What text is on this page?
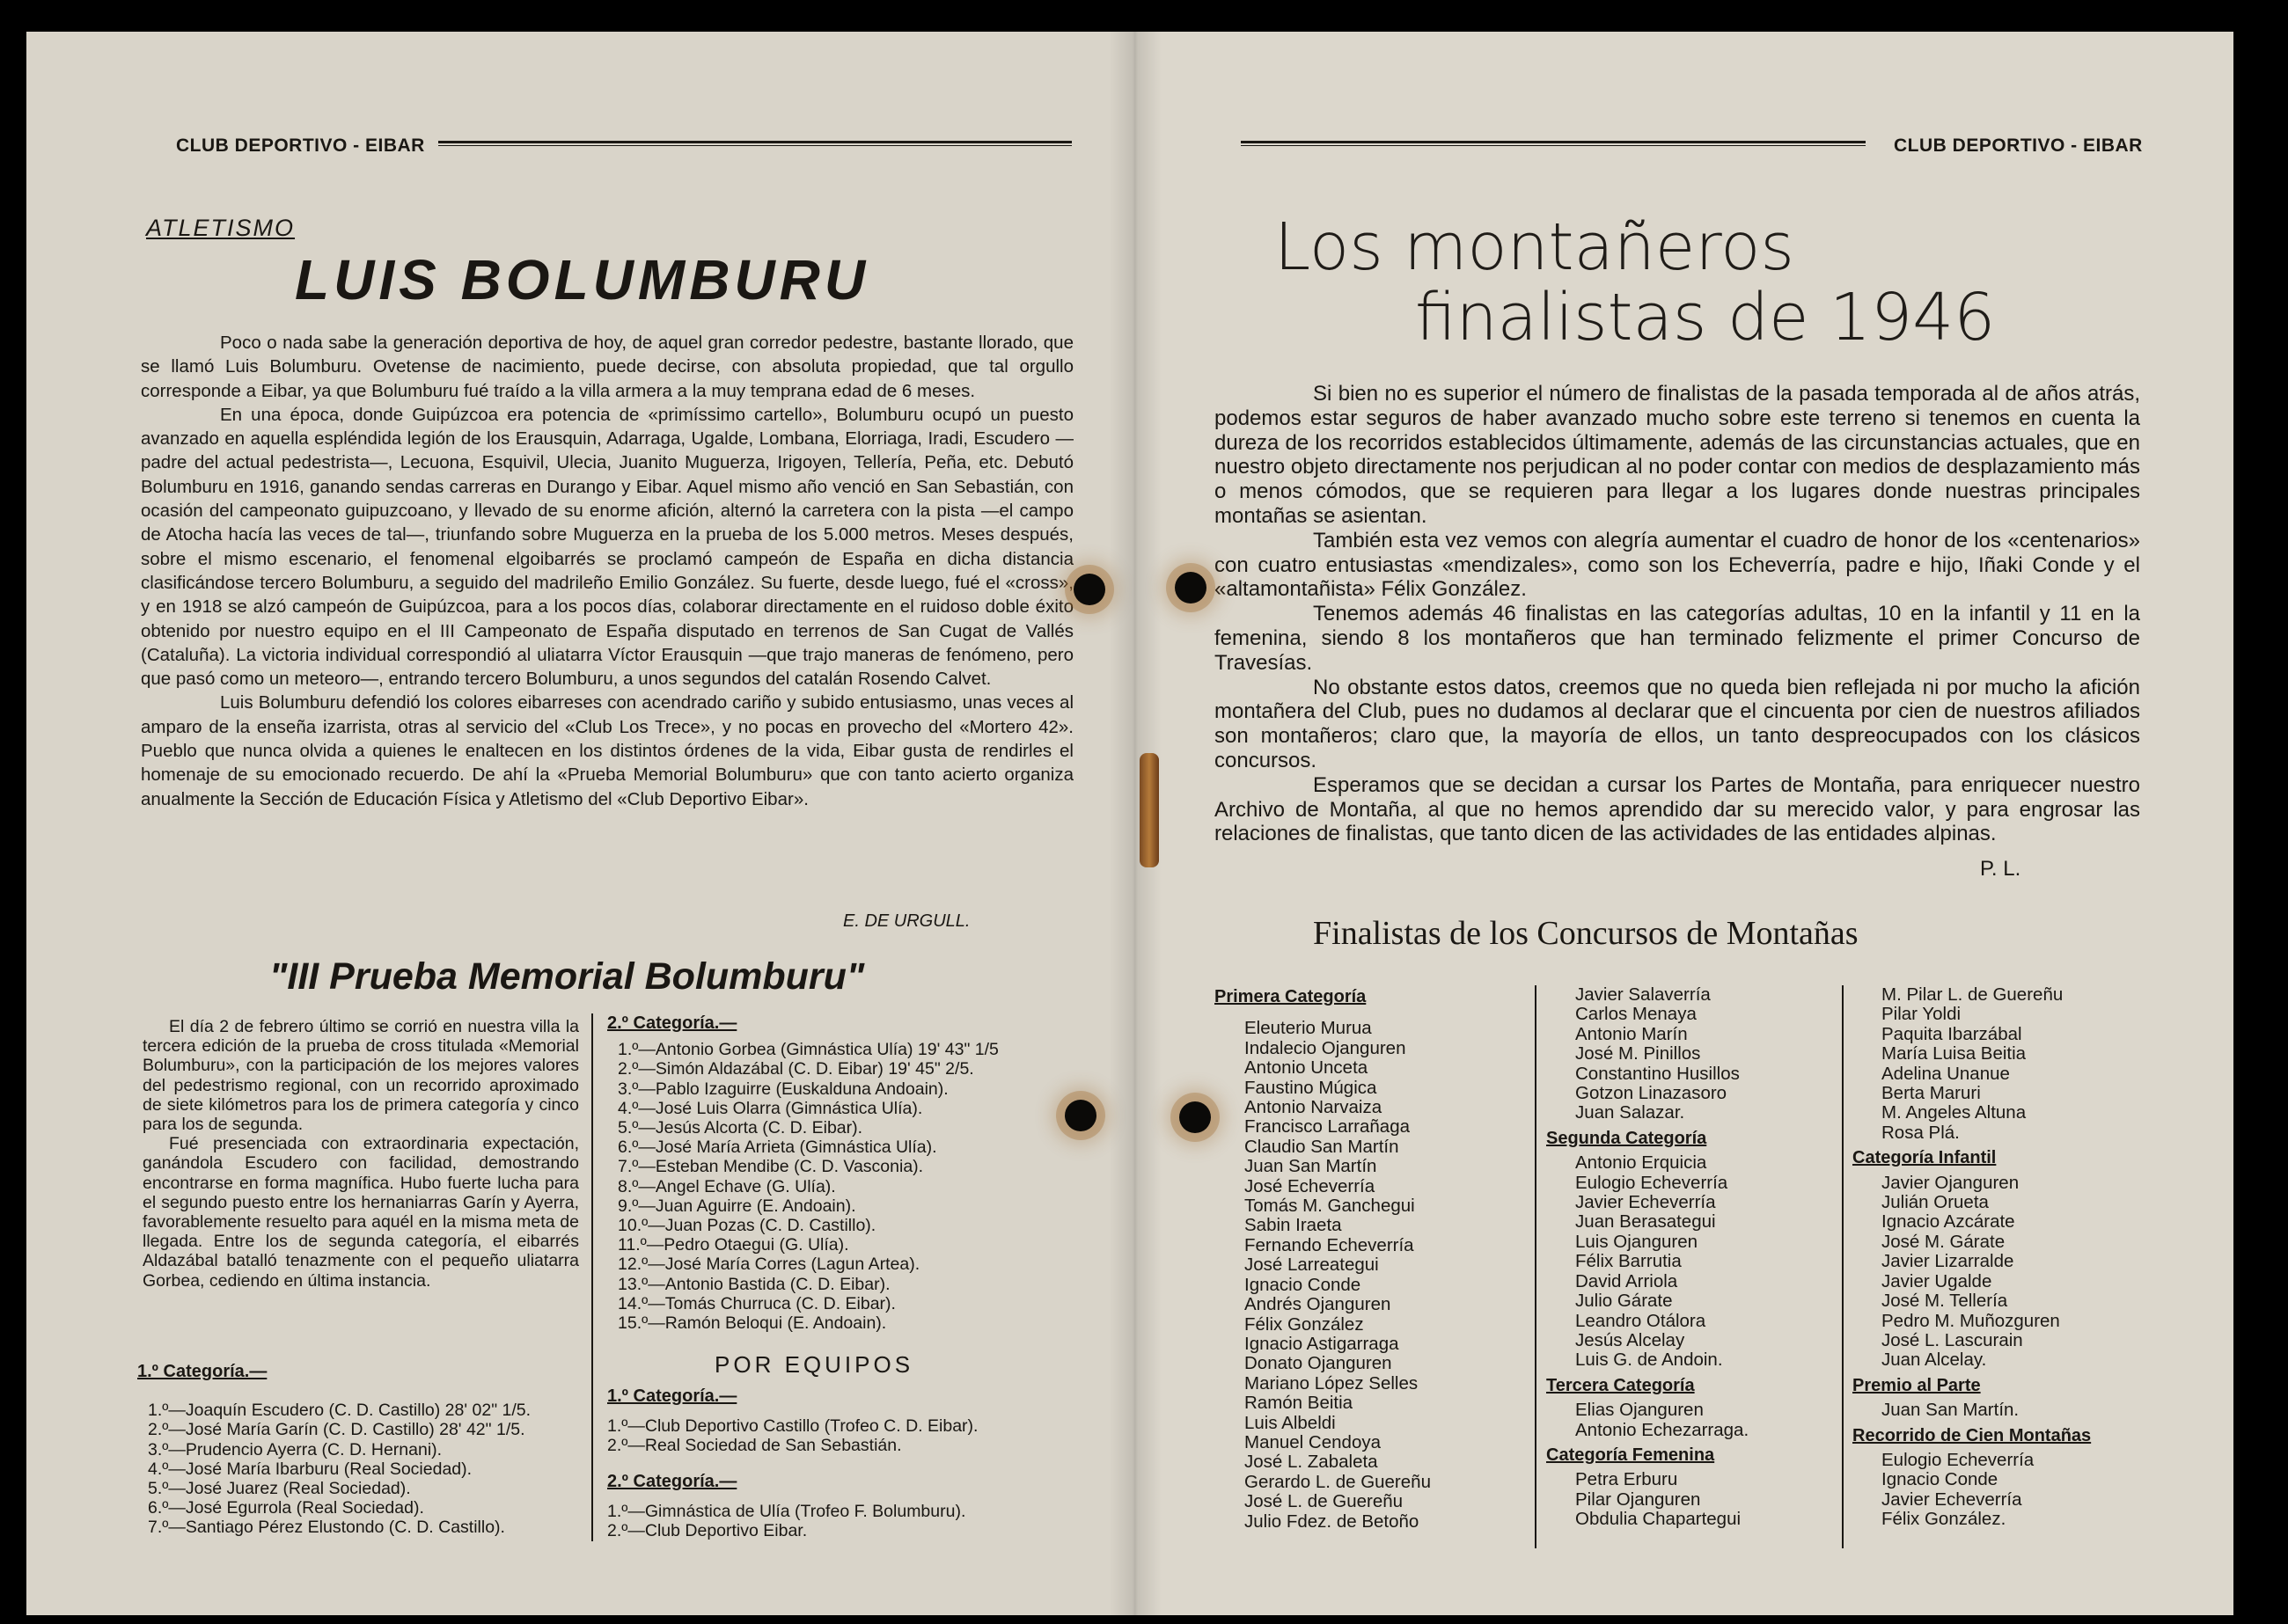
CLUB DEPORTIVO - EIBAR
ATLETISMO
LUIS BOLUMBURU

Poco o nada sabe la generación deportiva de hoy, de aquel gran corredor pedestre, bastante llorado, que se llamó Luis Bolumburu. Ovetense de nacimiento, puede decirse, con absoluta propiedad, que tal orgullo corresponde a Eibar, ya que Bolumburu fué traído a la villa armera a la muy temprana edad de 6 meses.

En una época, donde Guipúzcoa era potencia de «primíssimo cartello», Bolumburu ocupó un puesto avanzado en aquella espléndida legión de los Erausquin, Adarraga, Ugalde, Lombana, Elorriaga, Iradi, Escudero —padre del actual pedestrista—, Lecuona, Esquivil, Ulecia, Juanito Muguerza, Irigoyen, Tellería, Peña, etc. Debutó Bolumburu en 1916, ganando sendas carreras en Durango y Eibar. Aquel mismo año venció en San Sebastián, con ocasión del campeonato guipuzcoano, y llevado de su enorme afición, alternó la carretera con la pista —el campo de Atocha hacía las veces de tal—, triunfando sobre Muguerza en la prueba de los 5.000 metros. Meses después, sobre el mismo escenario, el fenomenal elgoibarrés se proclamó campeón de España en dicha distancia clasificándose tercero Bolumburu, a seguido del madrileño Emilio González. Su fuerte, desde luego, fué el «cross», y en 1918 se alzó campeón de Guipúzcoa, para a los pocos días, colaborar directamente en el ruidoso doble éxito obtenido por nuestro equipo en el III Campeonato de España disputado en terrenos de San Cugat de Vallés (Cataluña). La victoria individual correspondió al uliatarra Víctor Erausquin —que trajo maneras de fenómeno, pero que pasó como un meteoro—, entrando tercero Bolumburu, a unos segundos del catalán Rosendo Calvet.

Luis Bolumburu defendió los colores eibarreses con acendrado cariño y subido entusiasmo, unas veces al amparo de la enseña izarrista, otras al servicio del «Club Los Trece», y no pocas en provecho del «Mortero 42». Pueblo que nunca olvida a quienes le enaltecen en los distintos órdenes de la vida, Eibar gusta de rendirles el homenaje de su emocionado recuerdo. De ahí la «Prueba Memorial Bolumburu» que con tanto acierto organiza anualmente la Sección de Educación Física y Atletismo del «Club Deportivo Eibar».

E. DE URGULL.
"III Prueba Memorial Bolumburu"

El día 2 de febrero último se corrió en nuestra villa la tercera edición de la prueba de cross titulada «Memorial Bolumburu», con la participación de los mejores valores del pedestrismo regional, con un recorrido aproximado de siete kilómetros para los de primera categoría y cinco para los de segunda.

Fué presenciada con extraordinaria expectación, ganándola Escudero con facilidad, demostrando encontrarse en forma magnífica. Hubo fuerte lucha para el segundo puesto entre los hernaniarras Garín y Ayerra, favorablemente resuelto para aquél en la misma meta de llegada. Entre los de segunda categoría, el eibarrés Aldazábal batalló tenazmente con el pequeño uliatarra Gorbea, cediendo en última instancia.

1.º Categoría.—
1.º—Joaquín Escudero (C. D. Castillo) 28' 02" 1/5.
2.º—José María Garín (C. D. Castillo) 28' 42" 1/5.
3.º—Prudencio Ayerra (C. D. Hernani).
4.º—José María Ibarburu (Real Sociedad).
5.º—José Juarez (Real Sociedad).
6.º—José Egurrola (Real Sociedad).
7.º—Santiago Pérez Elustondo (C. D. Castillo).
2.º Categoría.—
1.º—Antonio Gorbea (Gimnástica Ulía) 19' 43" 1/5
2.º—Simón Aldazábal (C. D. Eibar) 19' 45" 2/5.
3.º—Pablo Izaguirre (Euskalduna Andoain).
4.º—José Luis Olarra (Gimnástica Ulía).
5.º—Jesús Alcorta (C. D. Eibar).
6.º—José María Arrieta (Gimnástica Ulía).
7.º—Esteban Mendibe (C. D. Vasconia).
8.º—Angel Echave (G. Ulía).
9.º—Juan Aguirre (E. Andoain).
10.º—Juan Pozas (C. D. Castillo).
11.º—Pedro Otaegui (G. Ulía).
12.º—José María Corres (Lagun Artea).
13.º—Antonio Bastida (C. D. Eibar).
14.º—Tomás Churruca (C. D. Eibar).
15.º—Ramón Beloqui (E. Andoain).
POR EQUIPOS
1.º Categoría.—
1.º—Club Deportivo Castillo (Trofeo C. D. Eibar).
2.º—Real Sociedad de San Sebastián.
2.º Categoría.—
1.º—Gimnástica de Ulía (Trofeo F. Bolumburu).
2.º—Club Deportivo Eibar.
CLUB DEPORTIVO - EIBAR
Los montañeros
finalistas de 1946

Si bien no es superior el número de finalistas de la pasada temporada al de años atrás, podemos estar seguros de haber avanzado mucho sobre este terreno si tenemos en cuenta la dureza de los recorridos establecidos últimamente, además de las circunstancias actuales, que en nuestro objeto directamente nos perjudican al no poder contar con medios de desplazamiento más o menos cómodos, que se requieren para llegar a los lugares donde nuestras principales montañas se asientan.

También esta vez vemos con alegría aumentar el cuadro de honor de los «centenarios» con cuatro entusiastas «mendizales», como son los Echeverría, padre e hijo, Iñaki Conde y el «altamontañista» Félix González.

Tenemos además 46 finalistas en las categorías adultas, 10 en la infantil y 11 en la femenina, siendo 8 los montañeros que han terminado felizmente el primer Concurso de Travesías.

No obstante estos datos, creemos que no queda bien reflejada ni por mucho la afición montañera del Club, pues no dudamos al declarar que el cincuenta por cien de nuestros afiliados son montañeros; claro que, la mayoría de ellos, un tanto despreocupados con los clásicos concursos.

Esperamos que se decidan a cursar los Partes de Montaña, para enriquecer nuestro Archivo de Montaña, al que no hemos aprendido dar su merecido valor, y para engrosar las relaciones de finalistas, que tanto dicen de las actividades de las entidades alpinas.

P. L.
Finalistas de los Concursos de Montañas
Primera Categoría
Eleuterio Murua
Indalecio Ojanguren
Antonio Unceta
Faustino Múgica
Antonio Narvaiza
Francisco Larrañaga
Claudio San Martín
Juan San Martín
José Echeverría
Tomás M. Ganchegui
Sabin Iraeta
Fernando Echeverría
José Larreategui
Ignacio Conde
Andrés Ojanguren
Félix González
Ignacio Astigarraga
Donato Ojanguren
Mariano López Selles
Ramón Beitia
Luis Albeldi
Manuel Cendoya
José L. Zabaleta
Gerardo L. de Guereñu
José L. de Guereñu
Julio Fdez. de Betoño
Javier Salaverría
Carlos Menaya
Antonio Marín
José M. Pinillos
Constantino Husillos
Gotzon Linazasoro
Juan Salazar.
Segunda Categoría
Antonio Erquicia
Eulogio Echeverría
Javier Echeverría
Juan Berasategui
Luis Ojanguren
Félix Barrutia
David Arriola
Julio Gárate
Leandro Otálora
Jesús Alcelay
Luis G. de Andoin.
Tercera Categoría
Elias Ojanguren
Antonio Echezarraga.
Categoría Femenina
Petra Erburu
Pilar Ojanguren
Obdulia Chapartegui
M. Pilar L. de Guereñu
Pilar Yoldi
Paquita Ibarzábal
María Luisa Beitia
Adelina Unanue
Berta Maruri
M. Angeles Altuna
Rosa Plá.
Categoría Infantil
Javier Ojanguren
Julián Orueta
Ignacio Azcárate
José M. Gárate
Javier Lizarralde
Javier Ugalde
José M. Tellería
Pedro M. Muñozguren
José L. Lascurain
Juan Alcelay.
Premio al Parte
Juan San Martín.
Recorrido de Cien Montañas
Eulogio Echeverría
Ignacio Conde
Javier Echeverría
Félix González.
